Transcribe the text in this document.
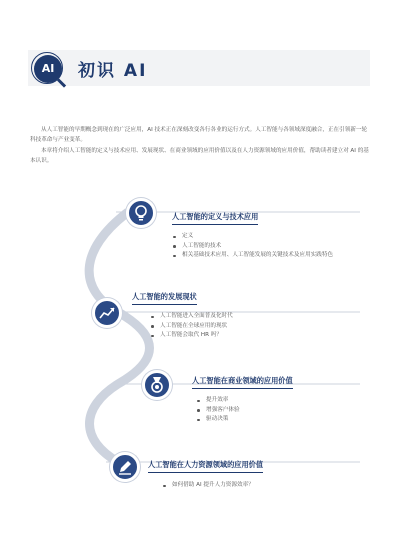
AI	初识 AI

从人工智能的早期概念到现在的广泛应用，AI 技术正在深刻改变各行各业的运行方式。人工智能与各领域深度融合，正在引领新一轮科技革命与产业变革。

本章将介绍人工智能的定义与技术应用、发展现状、在商业领域的应用价值以及在人力资源领域的应用价值，帮助读者建立对 AI 的基本认识。

人工智能的定义与技术应用
定义
人工智能的技术
相关基础技术应用、人工智能发展的关键技术及应用实践特色
人工智能的发展现状
人工智能进入全面普及化时代
人工智能在全球应用的现状
人工智能会取代 HR 吗？
人工智能在商业领域的应用价值
提升效率
增强客户体验
驱动决策
人工智能在人力资源领域的应用价值
如何借助 AI 提升人力资源效率？
